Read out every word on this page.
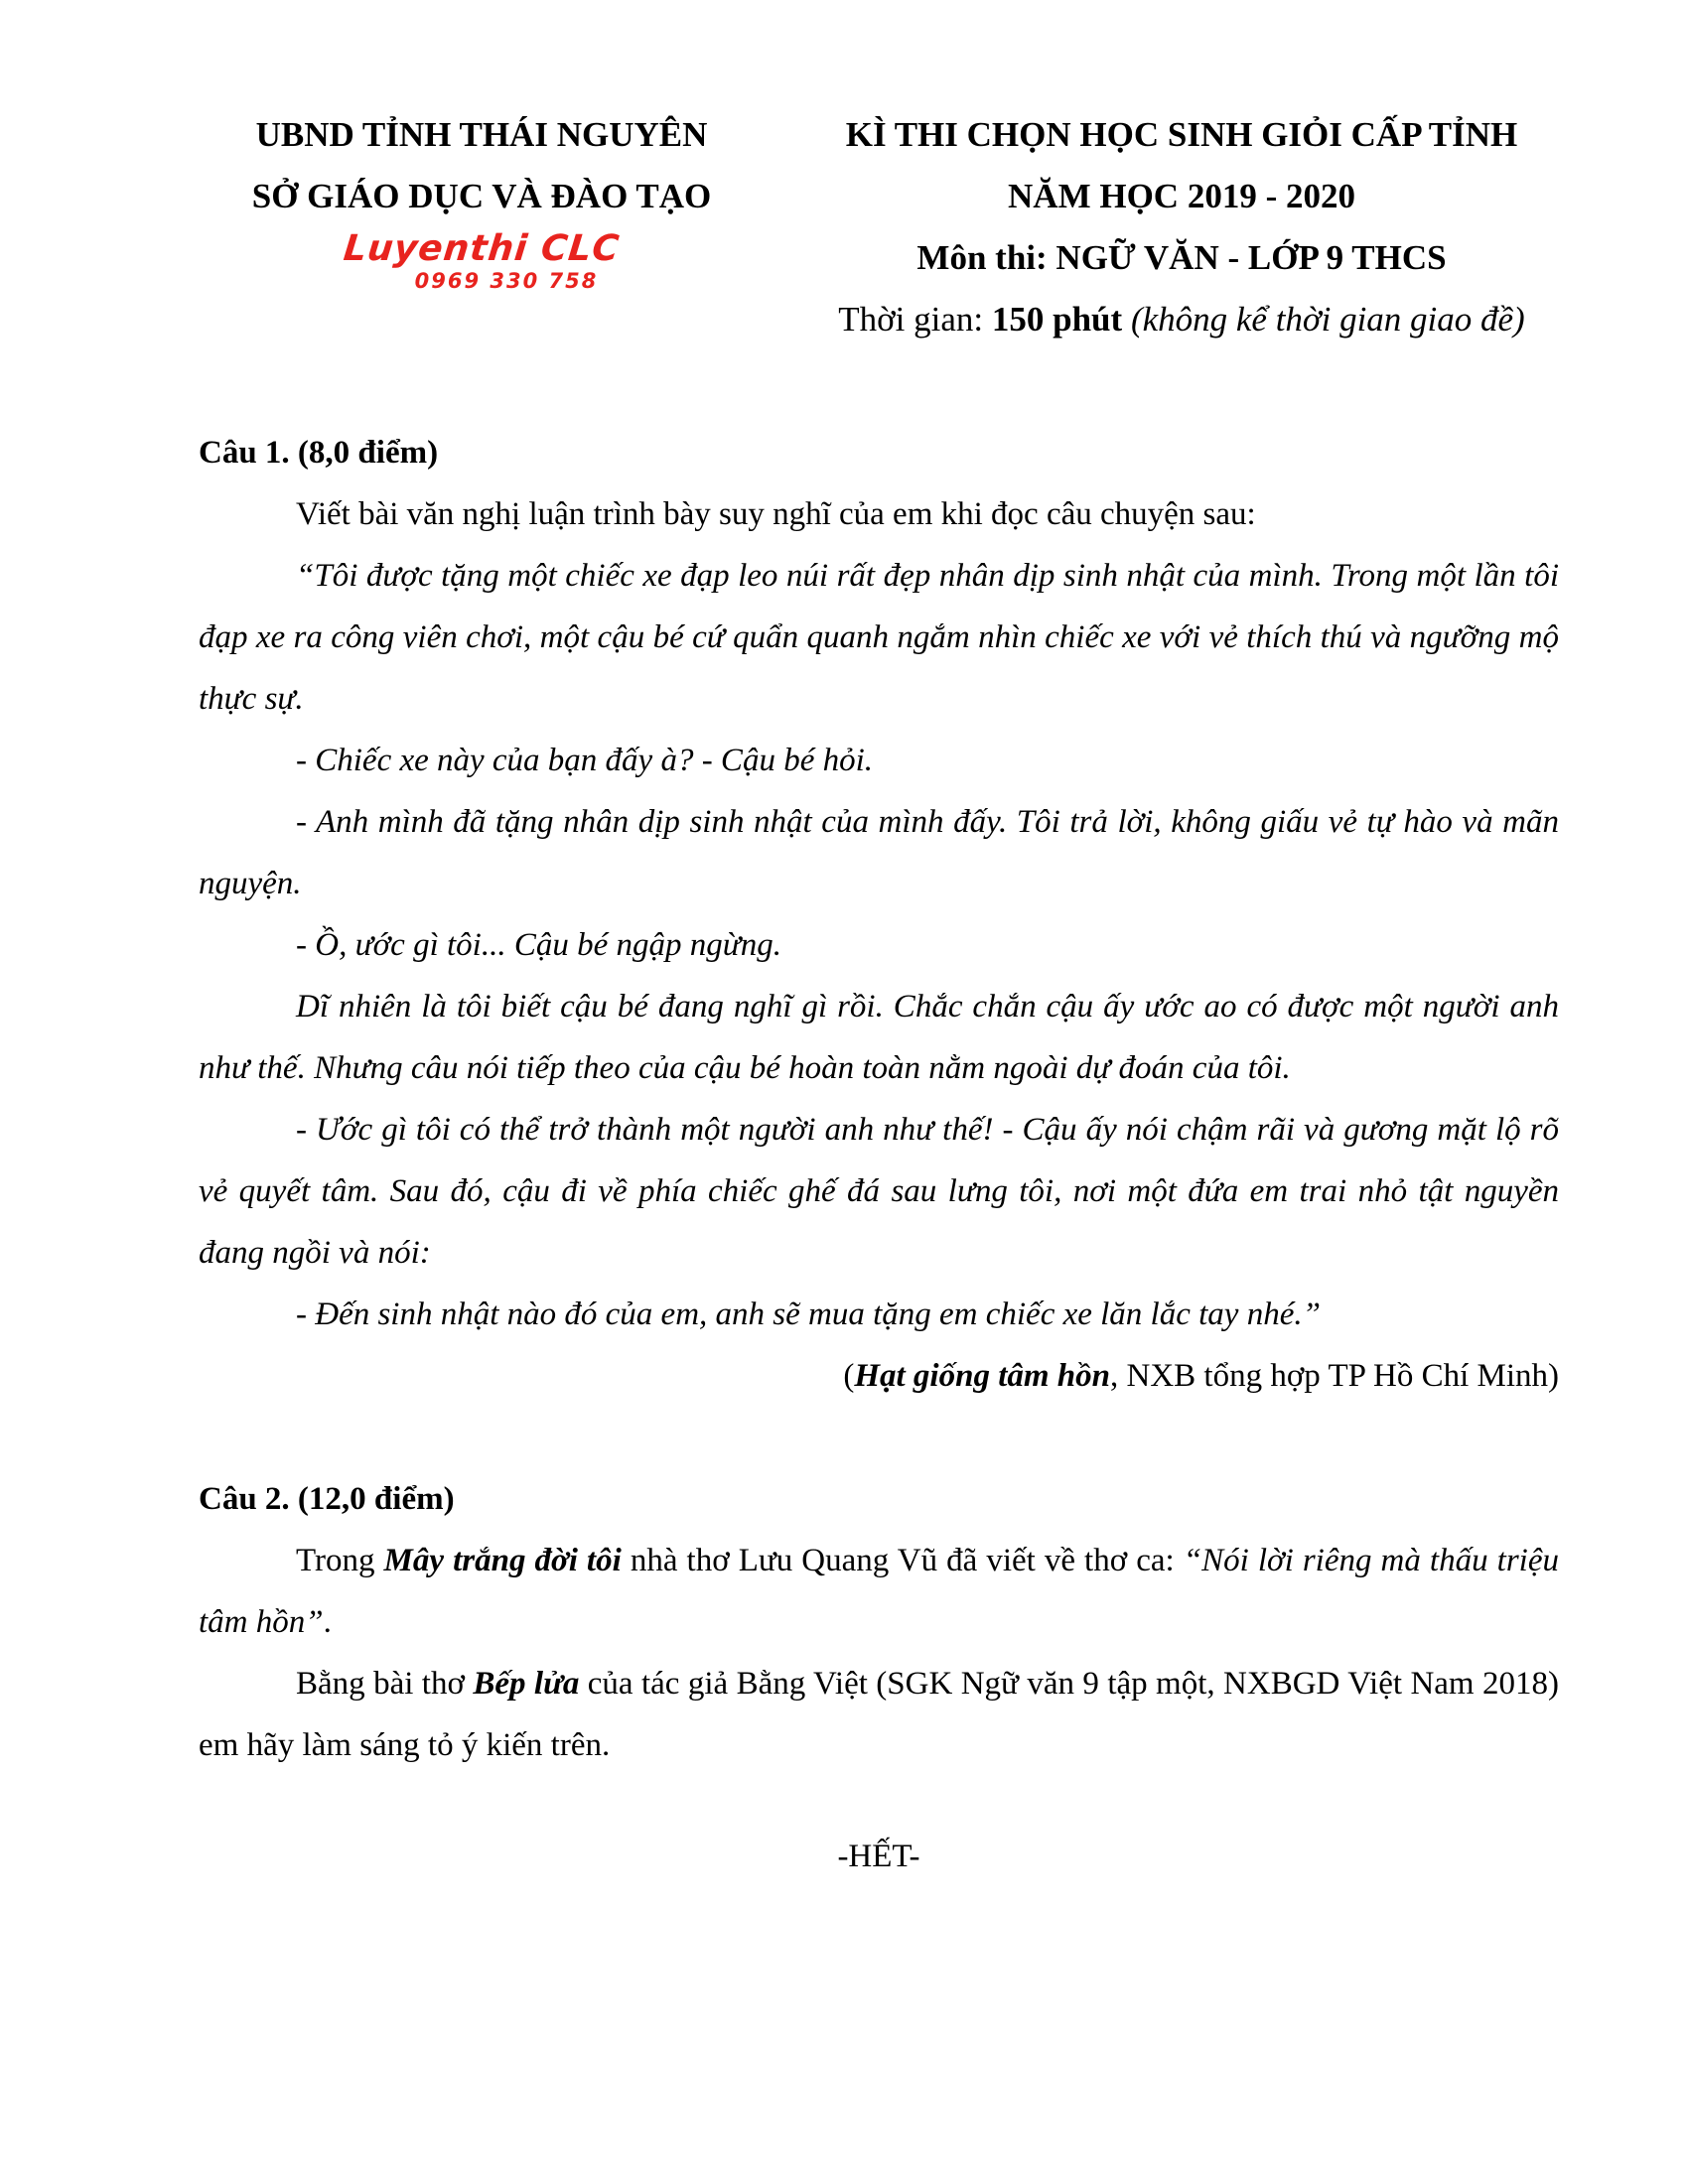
UBND TỈNH THÁI NGUYÊN
SỞ GIÁO DỤC VÀ ĐÀO TẠO
Luyenthi CLC
0969 330 758
KÌ THI CHỌN HỌC SINH GIỎI CẤP TỈNH
NĂM HỌC 2019 - 2020
Môn thi: NGỮ VĂN - LỚP 9 THCS
Thời gian: 150 phút (không kể thời gian giao đề)

Câu 1. (8,0 điểm)

Viết bài văn nghị luận trình bày suy nghĩ của em khi đọc câu chuyện sau:

“Tôi được tặng một chiếc xe đạp leo núi rất đẹp nhân dịp sinh nhật của mình. Trong một lần tôi đạp xe ra công viên chơi, một cậu bé cứ quẩn quanh ngắm nhìn chiếc xe với vẻ thích thú và ngưỡng mộ thực sự.

- Chiếc xe này của bạn đấy à? - Cậu bé hỏi.

- Anh mình đã tặng nhân dịp sinh nhật của mình đấy. Tôi trả lời, không giấu vẻ tự hào và mãn nguyện.

- Ồ, ước gì tôi... Cậu bé ngập ngừng.

Dĩ nhiên là tôi biết cậu bé đang nghĩ gì rồi. Chắc chắn cậu ấy ước ao có được một người anh như thế. Nhưng câu nói tiếp theo của cậu bé hoàn toàn nằm ngoài dự đoán của tôi.

- Ước gì tôi có thể trở thành một người anh như thế! - Cậu ấy nói chậm rãi và gương mặt lộ rõ vẻ quyết tâm. Sau đó, cậu đi về phía chiếc ghế đá sau lưng tôi, nơi một đứa em trai nhỏ tật nguyền đang ngồi và nói:

- Đến sinh nhật nào đó của em, anh sẽ mua tặng em chiếc xe lăn lắc tay nhé.”

(Hạt giống tâm hồn, NXB tổng hợp TP Hồ Chí Minh)

Câu 2. (12,0 điểm)

Trong Mây trắng đời tôi nhà thơ Lưu Quang Vũ đã viết về thơ ca: “Nói lời riêng mà thấu triệu tâm hồn”.

Bằng bài thơ Bếp lửa của tác giả Bằng Việt (SGK Ngữ văn 9 tập một, NXBGD Việt Nam 2018) em hãy làm sáng tỏ ý kiến trên.

-HẾT-
